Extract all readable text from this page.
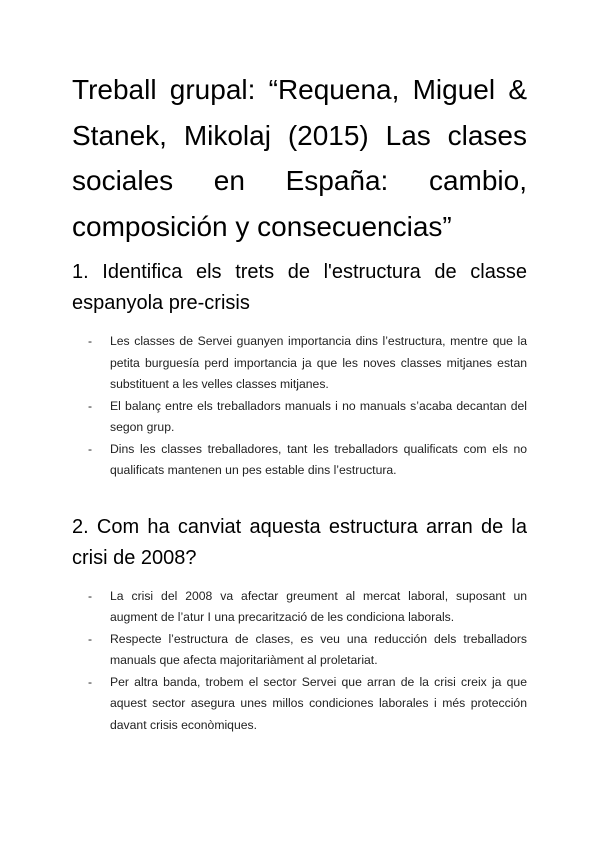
Treball grupal: “Requena, Miguel & Stanek, Mikolaj (2015) Las clases sociales en España: cambio, composición y consecuencias”
1. Identifica els trets de l'estructura de classe espanyola pre-crisis
- Les classes de Servei guanyen importancia dins l’estructura, mentre que la petita burguesía perd importancia ja que les noves classes mitjanes estan substituent a les velles classes mitjanes.
- El balanç entre els treballadors manuals i no manuals s’acaba decantan del segon grup.
- Dins les classes treballadores, tant les treballadors qualificats com els no qualificats mantenen un pes estable dins l’estructura.
2. Com ha canviat aquesta estructura arran de la crisi de 2008?
- La crisi del 2008 va afectar greument al mercat laboral, suposant un augment de l’atur I una precarització de les condiciona laborals.
- Respecte l’estructura de clases, es veu una reducción dels treballadors manuals que afecta majoritariàment al proletariat.
- Per altra banda, trobem el sector Servei que arran de la crisi creix ja que aquest sector asegura unes millos condiciones laborales i més protección davant crisis econòmiques.
